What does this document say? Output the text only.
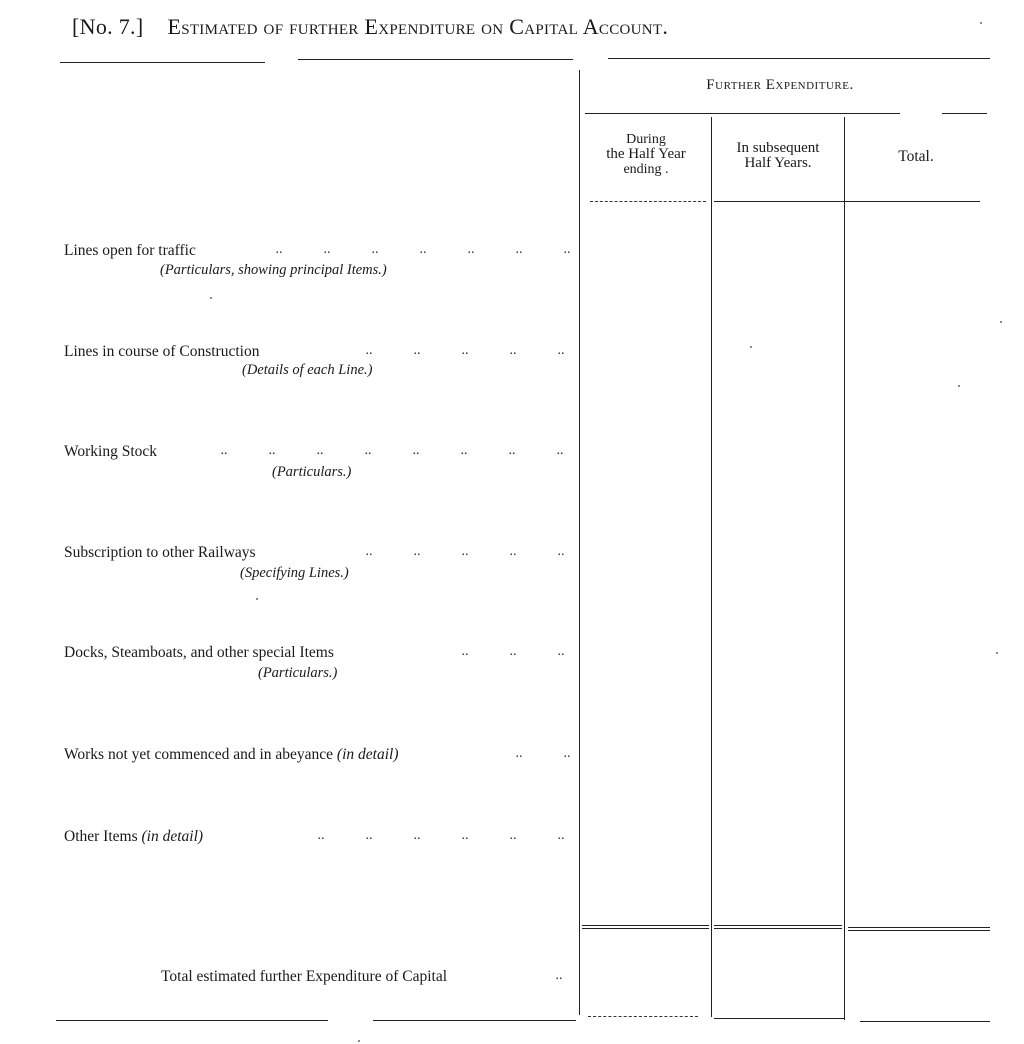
[No. 7.] Estimated of further Expenditure on Capital Account.
Further Expenditure.
During
the Half Year
ending .
In subsequent
Half Years.	Total.
Lines open for traffic	..	..	..	..	..	..	..
(Particulars, showing principal Items.)
Lines in course of Construction	..	..	..	..	..
(Details of each Line.)
Working Stock	..	..	..	..	..	..	..	..
(Particulars.)
Subscription to other Railways	..	..	..	..	..
(Specifying Lines.)
Docks, Steamboats, and other special Items	..	..	..
(Particulars.)
Works not yet commenced and in abeyance (in detail)	..	..
Other Items (in detail)	..	..	..	..	..	..
Total estimated further Expenditure of Capital	..
